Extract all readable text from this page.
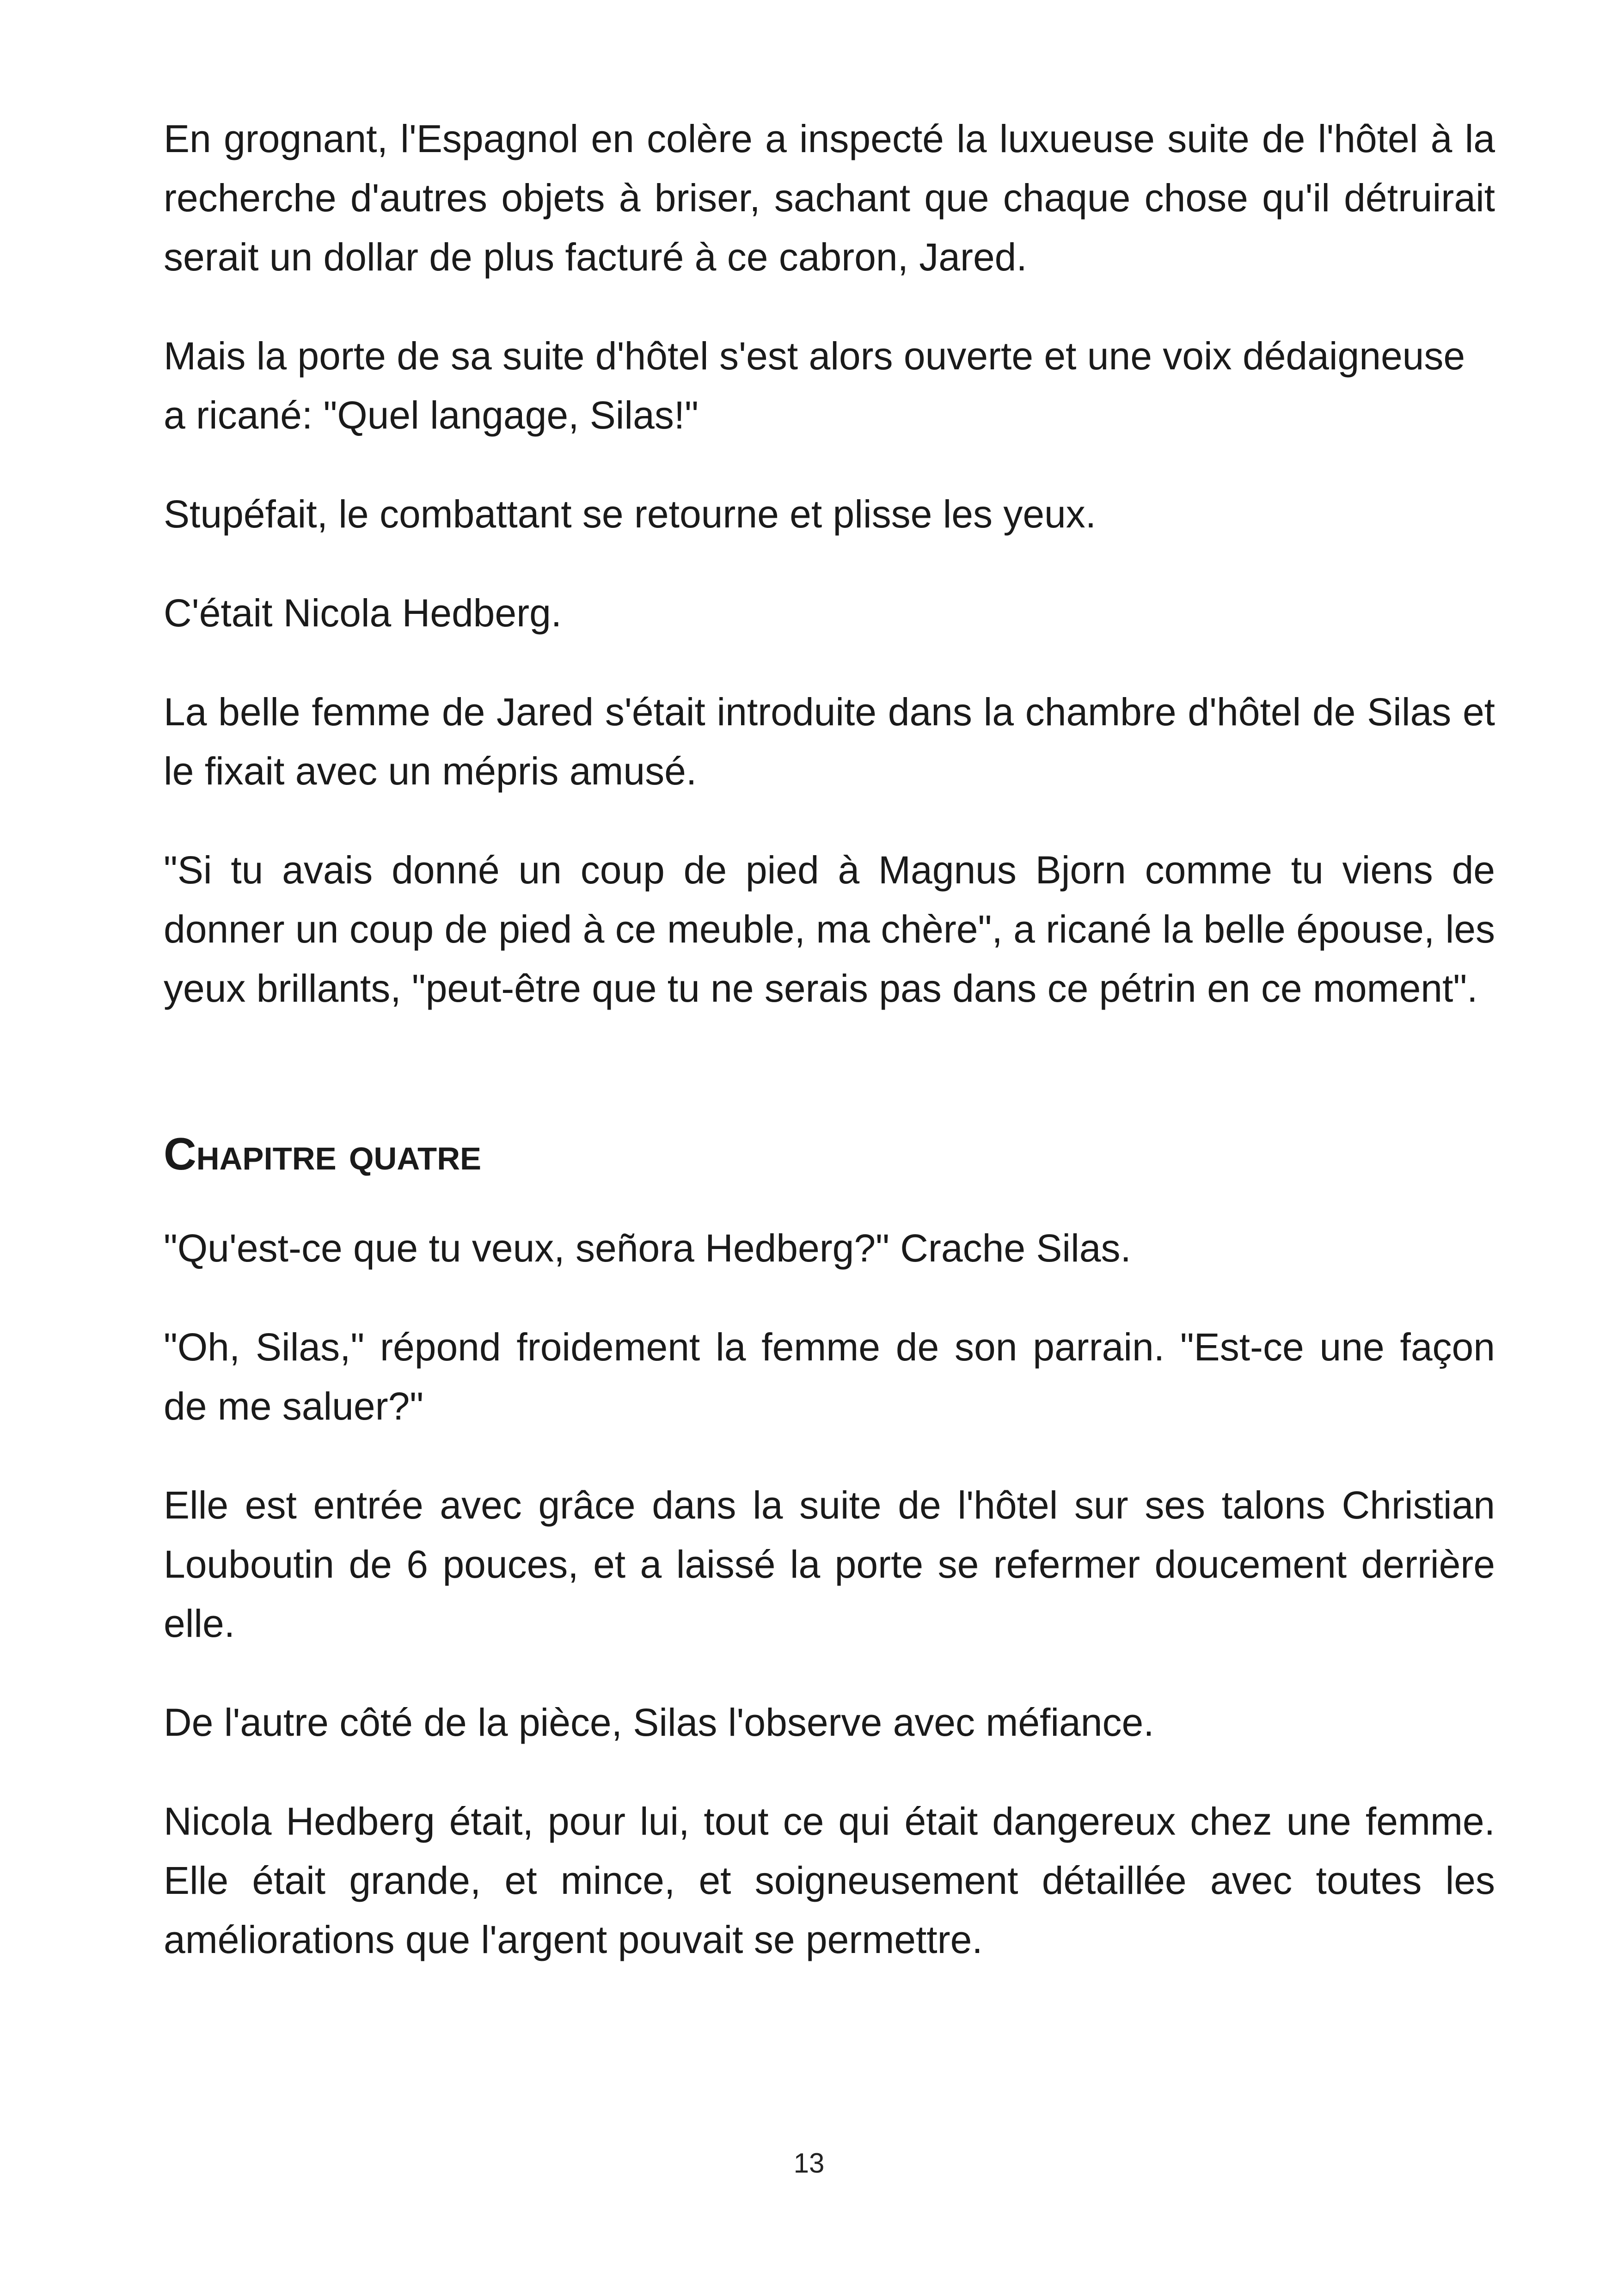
En grognant, l'Espagnol en colère a inspecté la luxueuse suite de l'hôtel à la recherche d'autres objets à briser, sachant que chaque chose qu'il détruirait serait un dollar de plus facturé à ce cabron, Jared.

Mais la porte de sa suite d'hôtel s'est alors ouverte et une voix dédaigneuse a ricané: "Quel langage, Silas!"

Stupéfait, le combattant se retourne et plisse les yeux.

C'était Nicola Hedberg.

La belle femme de Jared s'était introduite dans la chambre d'hôtel de Silas et le fixait avec un mépris amusé.

"Si tu avais donné un coup de pied à Magnus Bjorn comme tu viens de donner un coup de pied à ce meuble, ma chère", a ricané la belle épouse, les yeux brillants, "peut-être que tu ne serais pas dans ce pétrin en ce moment".

Chapitre quatre

"Qu'est-ce que tu veux, señora Hedberg?" Crache Silas.

"Oh, Silas," répond froidement la femme de son parrain. "Est-ce une façon de me saluer?"

Elle est entrée avec grâce dans la suite de l'hôtel sur ses talons Christian Louboutin de 6 pouces, et a laissé la porte se refermer doucement derrière elle.

De l'autre côté de la pièce, Silas l'observe avec méfiance.

Nicola Hedberg était, pour lui, tout ce qui était dangereux chez une femme. Elle était grande, et mince, et soigneusement détaillée avec toutes les améliorations que l'argent pouvait se permettre.

13
